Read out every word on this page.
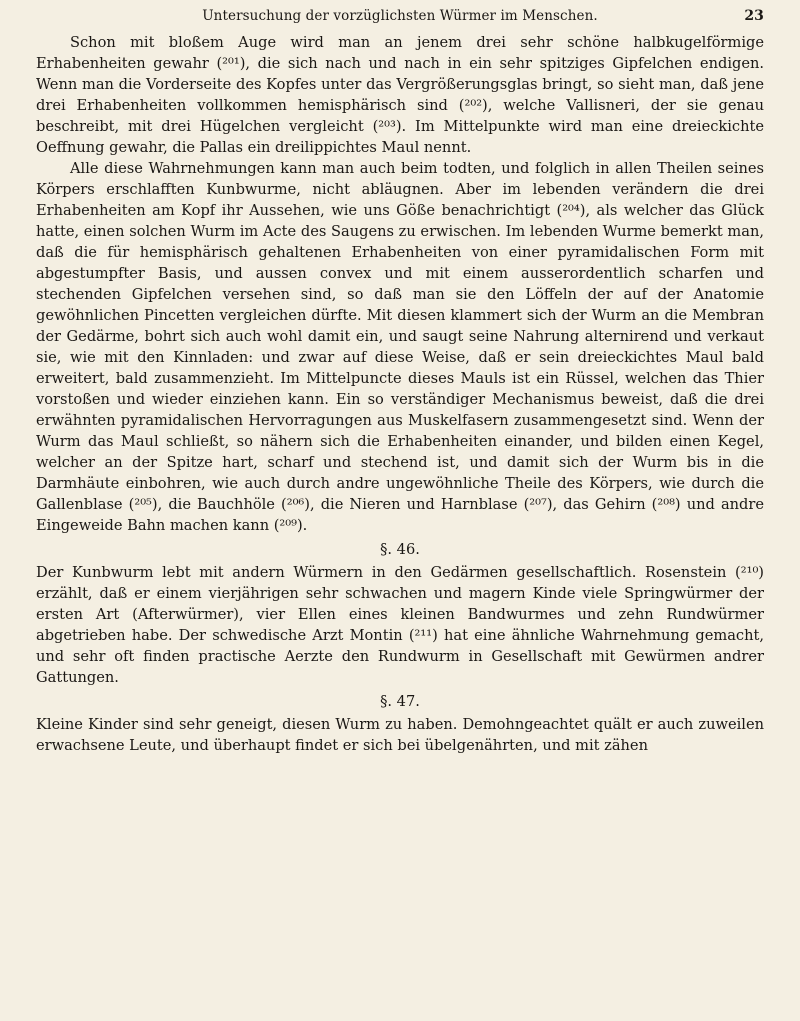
Untersuchung der vorzüglichsten Würmer im Menschen.	23

Schon mit bloßem Auge wird man an jenem drei sehr schöne halbkugelförmige Erhabenheiten gewahr (²⁰¹), die sich nach und nach in ein sehr spitziges Gipfelchen endigen. Wenn man die Vorderseite des Kopfes unter das Vergrößerungsglas bringt, so sieht man, daß jene drei Erhabenheiten vollkommen hemisphärisch sind (²⁰²), welche Vallisneri, der sie genau beschreibt, mit drei Hügelchen vergleicht (²⁰³). Im Mittelpunkte wird man eine dreieckichte Oeffnung gewahr, die Pallas ein dreilippichtes Maul nennt.

Alle diese Wahrnehmungen kann man auch beim todten, und folglich in allen Theilen seines Körpers erschlafften Kunbwurme, nicht abläugnen. Aber im lebenden verändern die drei Erhabenheiten am Kopf ihr Aussehen, wie uns Göße benachrichtigt (²⁰⁴), als welcher das Glück hatte, einen solchen Wurm im Acte des Saugens zu erwischen. Im lebenden Wurme bemerkt man, daß die für hemisphärisch gehaltenen Erhabenheiten von einer pyramidalischen Form mit abgestumpfter Basis, und aussen convex und mit einem ausserordentlich scharfen und stechenden Gipfelchen versehen sind, so daß man sie den Löffeln der auf der Anatomie gewöhnlichen Pincetten vergleichen dürfte. Mit diesen klammert sich der Wurm an die Membran der Gedärme, bohrt sich auch wohl damit ein, und saugt seine Nahrung alternirend und verkaut sie, wie mit den Kinnladen: und zwar auf diese Weise, daß er sein dreieckichtes Maul bald erweitert, bald zusammenzieht. Im Mittelpuncte dieses Mauls ist ein Rüssel, welchen das Thier vorstoßen und wieder einziehen kann. Ein so verständiger Mechanismus beweist, daß die drei erwähnten pyramidalischen Hervorragungen aus Muskelfasern zusammengesetzt sind. Wenn der Wurm das Maul schließt, so nähern sich die Erhabenheiten einander, und bilden einen Kegel, welcher an der Spitze hart, scharf und stechend ist, und damit sich der Wurm bis in die Darmhäute einbohren, wie auch durch andre ungewöhnliche Theile des Körpers, wie durch die Gallenblase (²⁰⁵), die Bauchhöle (²⁰⁶), die Nieren und Harnblase (²⁰⁷), das Gehirn (²⁰⁸) und andre Eingeweide Bahn machen kann (²⁰⁹).

§. 46.

Der Kunbwurm lebt mit andern Würmern in den Gedärmen gesellschaftlich. Rosenstein (²¹⁰) erzählt, daß er einem vierjährigen sehr schwachen und magern Kinde viele Springwürmer der ersten Art (Afterwürmer), vier Ellen eines kleinen Bandwurmes und zehn Rundwürmer abgetrieben habe. Der schwedische Arzt Montin (²¹¹) hat eine ähnliche Wahrnehmung gemacht, und sehr oft finden practische Aerzte den Rundwurm in Gesellschaft mit Gewürmen andrer Gattungen.

§. 47.

Kleine Kinder sind sehr geneigt, diesen Wurm zu haben. Demohngeachtet quält er auch zuweilen erwachsene Leute, und überhaupt findet er sich bei übelgenährten, und mit zähen
